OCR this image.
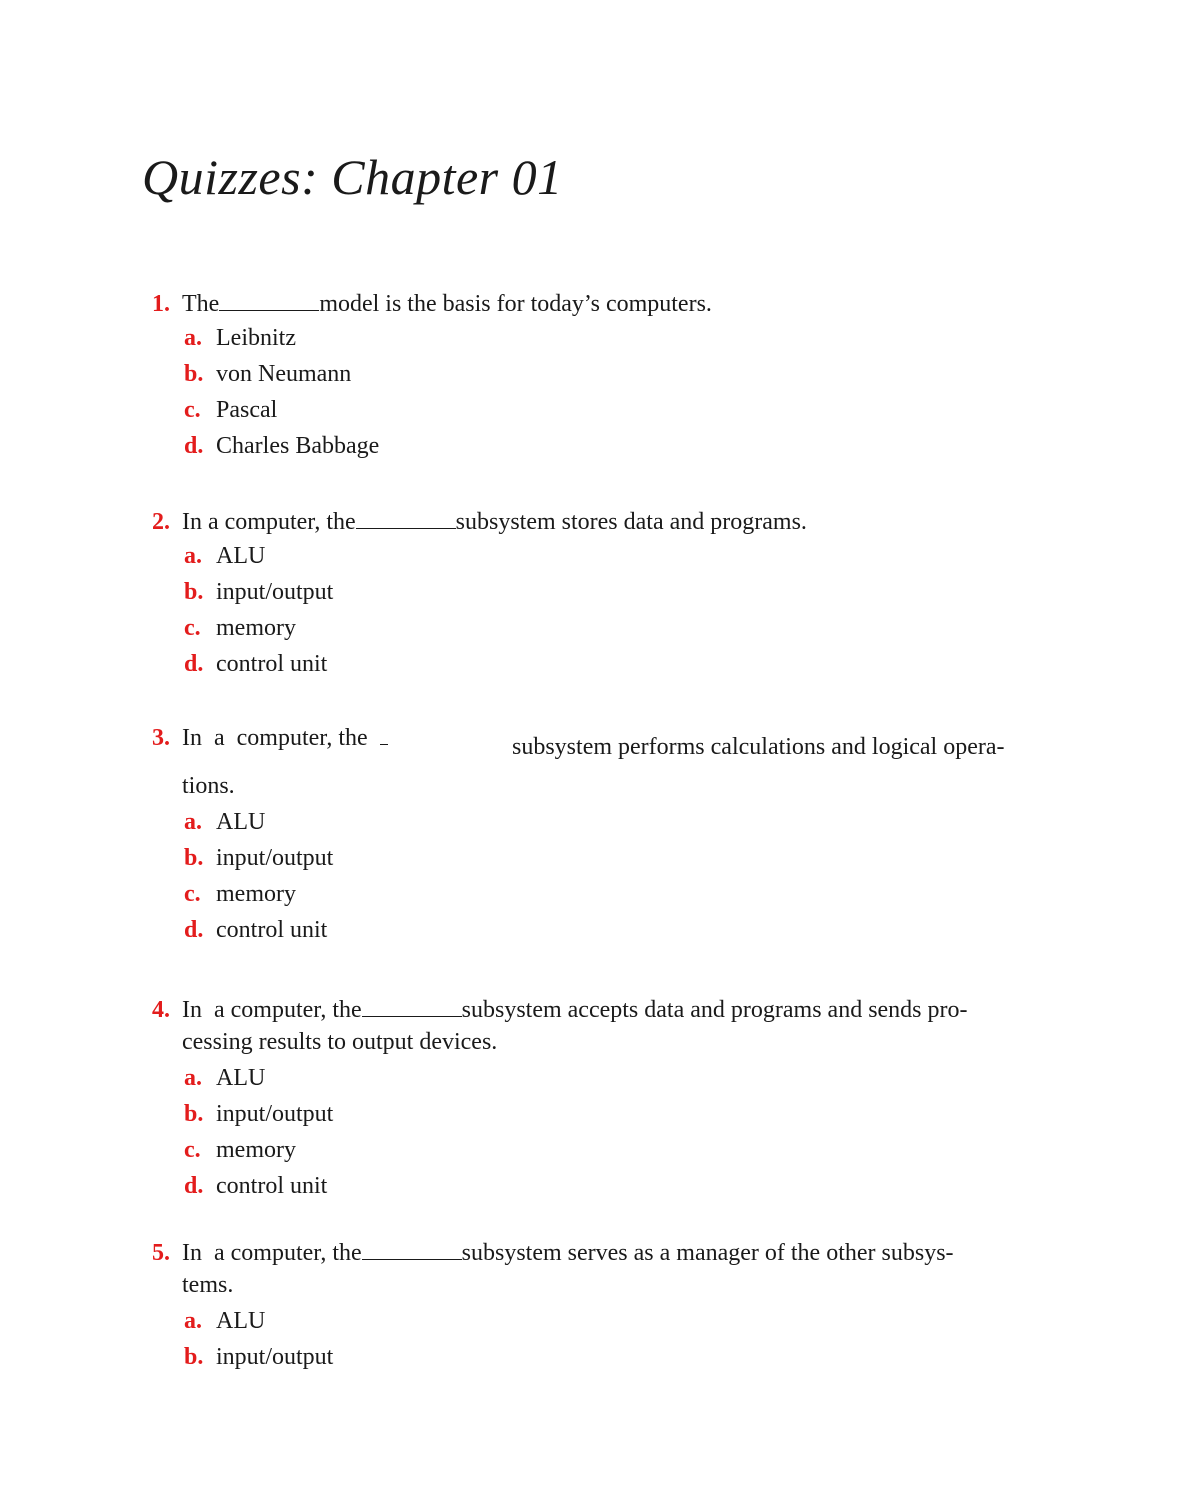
Quizzes: Chapter 01
1. The	model is the basis for today’s computers.
a. Leibnitz
b. von Neumann
c. Pascal
d. Charles Babbage
2. In a computer, the	subsystem stores data and programs.
a. ALU
b. input/output
c. memory
d. control unit
3. In  a  computer, the	subsystem performs calculations and logical opera-
tions.
a. ALU
b. input/output
c. memory
d. control unit
4. In  a computer, the	subsystem accepts data and programs and sends pro-
cessing results to output devices.
a. ALU
b. input/output
c. memory
d. control unit
5. In  a computer, the	subsystem serves as a manager of the other subsys-
tems.
a. ALU
b. input/output
